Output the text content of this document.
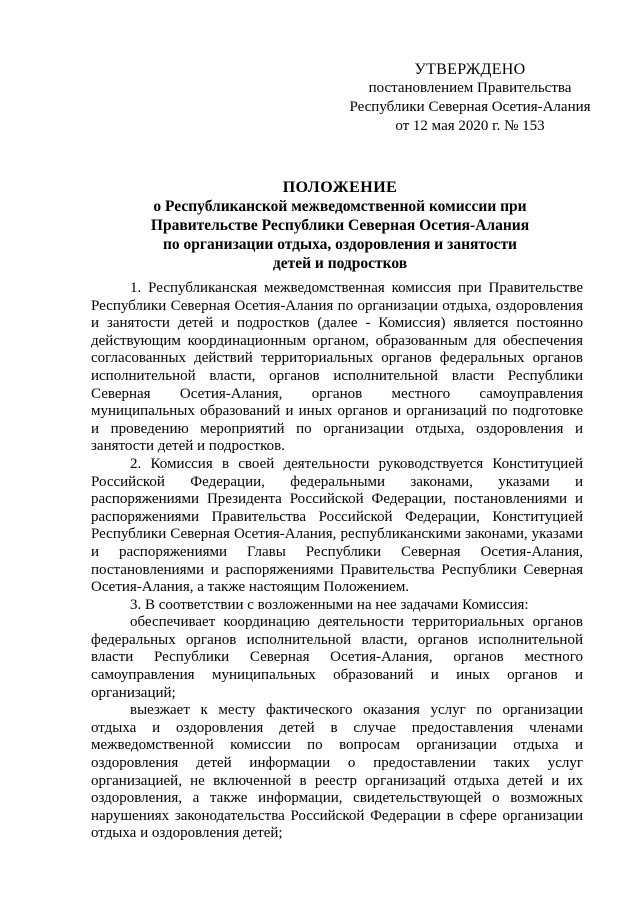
УТВЕРЖДЕНО
постановлением Правительства
Республики Северная Осетия-Алания
от 12 мая 2020 г. № 153
ПОЛОЖЕНИЕ
о Республиканской межведомственной комиссии при
Правительстве Республики Северная Осетия-Алания
по организации отдыха, оздоровления и занятости
детей и подростков

1. Республиканская межведомственная комиссия при Правительстве Республики Северная Осетия-Алания по организации отдыха, оздоровления и занятости детей и подростков (далее - Комиссия) является постоянно действующим координационным органом, образованным для обеспечения согласованных действий территориальных органов федеральных органов исполнительной власти, органов исполнительной власти Республики Северная Осетия-Алания, органов местного самоуправления муниципальных образований и иных органов и организаций по подготовке и проведению мероприятий по организации отдыха, оздоровления и занятости детей и подростков.

2. Комиссия в своей деятельности руководствуется Конституцией Российской Федерации, федеральными законами, указами и распоряжениями Президента Российской Федерации, постановлениями и распоряжениями Правительства Российской Федерации, Конституцией Республики Северная Осетия-Алания, республиканскими законами, указами и распоряжениями Главы Республики Северная Осетия-Алания, постановлениями и распоряжениями Правительства Республики Северная Осетия-Алания, а также настоящим Положением.

3. В соответствии с возложенными на нее задачами Комиссия:

обеспечивает координацию деятельности территориальных органов федеральных органов исполнительной власти, органов исполнительной власти Республики Северная Осетия-Алания, органов местного самоуправления муниципальных образований и иных органов и организаций;

выезжает к месту фактического оказания услуг по организации отдыха и оздоровления детей в случае предоставления членами межведомственной комиссии по вопросам организации отдыха и оздоровления детей информации о предоставлении таких услуг организацией, не включенной в реестр организаций отдыха детей и их оздоровления, а также информации, свидетельствующей о возможных нарушениях законодательства Российской Федерации в сфере организации отдыха и оздоровления детей;
